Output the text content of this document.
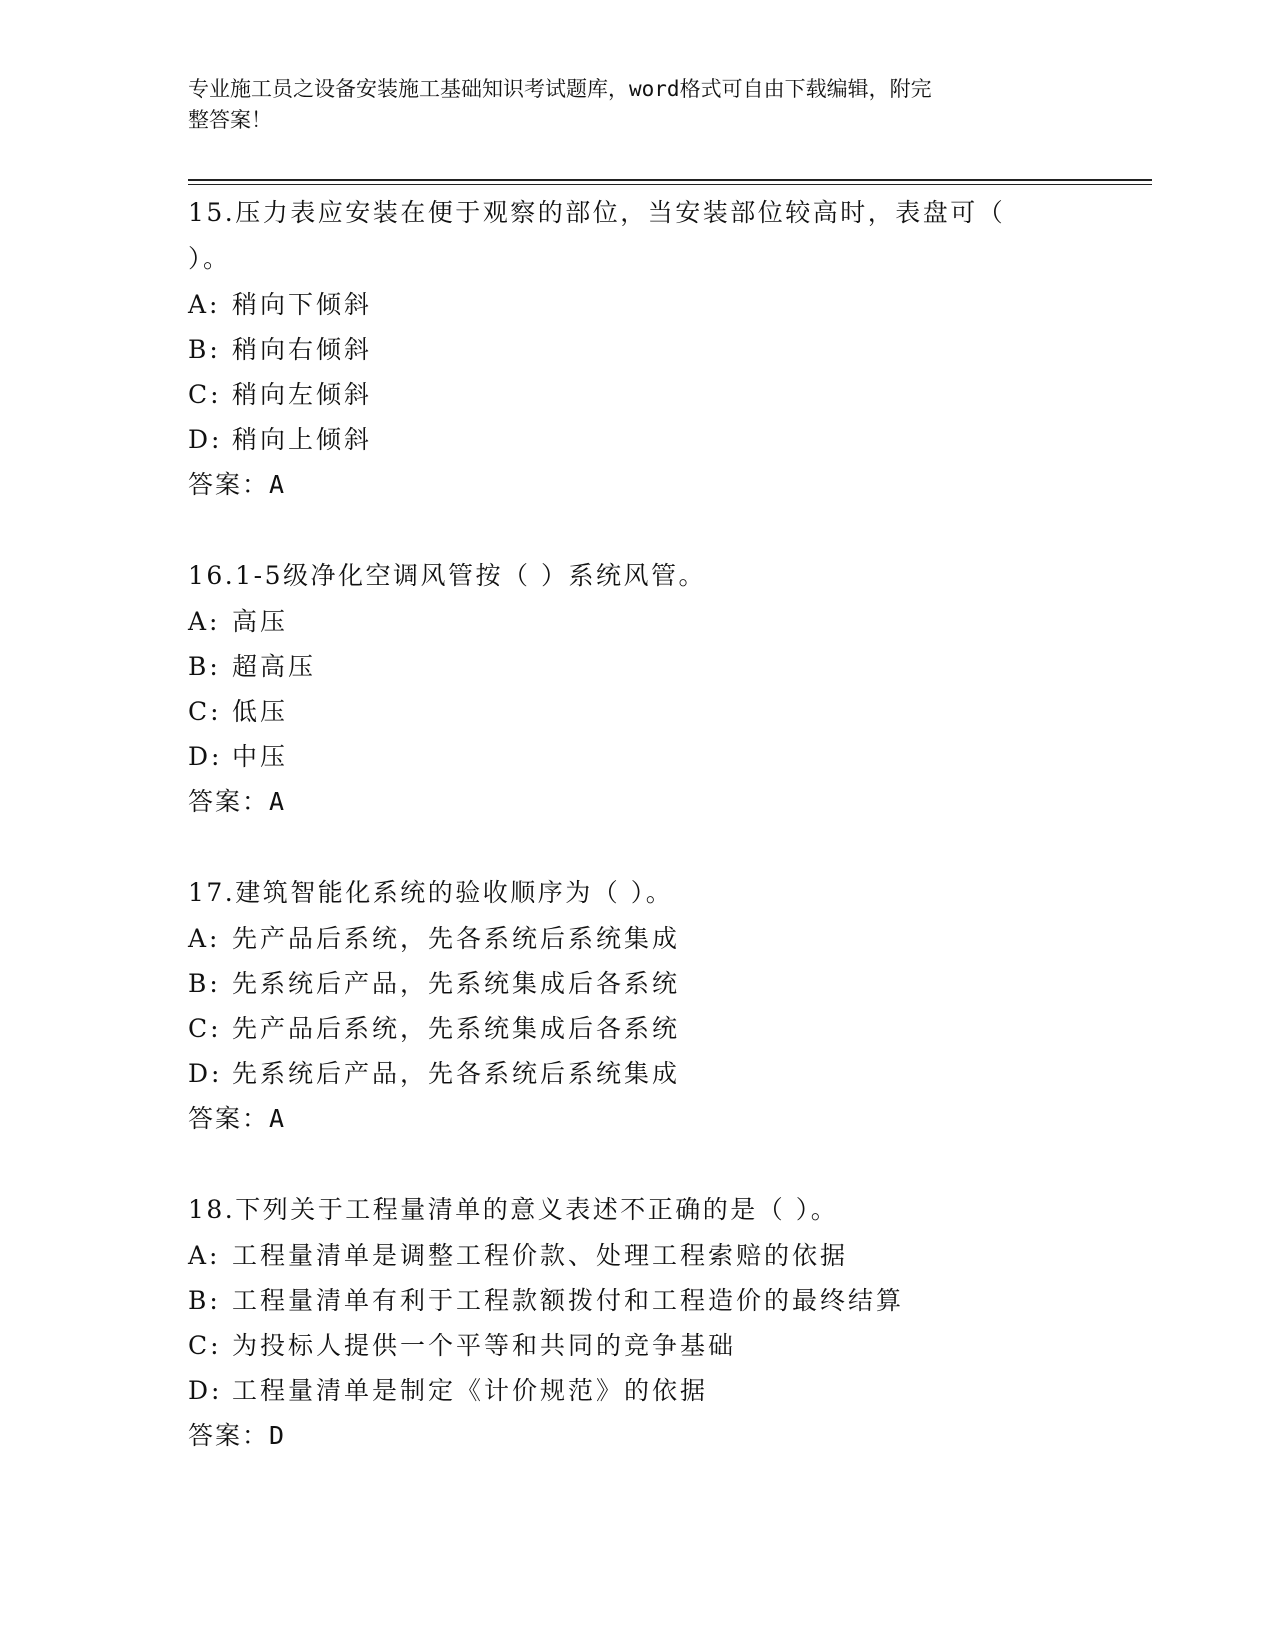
专业施工员之设备安装施工基础知识考试题库，word格式可自由下载编辑，附完
整答案！
15.压力表应安装在便于观察的部位，当安装部位较高时，表盘可（
）。
A: 稍向下倾斜
B: 稍向右倾斜
C: 稍向左倾斜
D: 稍向上倾斜
答案： A
16.1-5级净化空调风管按（ ）系统风管。
A: 高压
B: 超高压
C: 低压
D: 中压
答案： A
17.建筑智能化系统的验收顺序为（ ）。
A: 先产品后系统，先各系统后系统集成
B: 先系统后产品，先系统集成后各系统
C: 先产品后系统，先系统集成后各系统
D: 先系统后产品，先各系统后系统集成
答案： A
18.下列关于工程量清单的意义表述不正确的是（ ）。
A: 工程量清单是调整工程价款、处理工程索赔的依据
B: 工程量清单有利于工程款额拨付和工程造价的最终结算
C: 为投标人提供一个平等和共同的竞争基础
D: 工程量清单是制定《计价规范》的依据
答案： D
